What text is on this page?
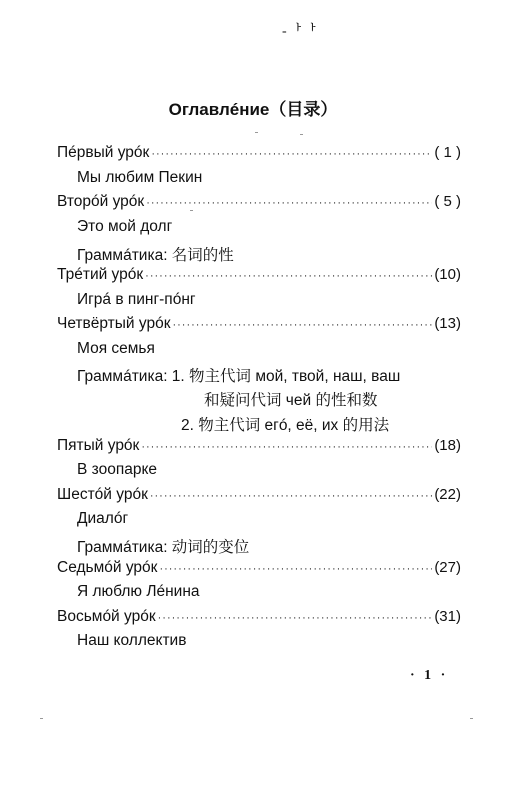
-ᅡᅡ
Оглавлéние（目录）
Пéрвый урóк ·····	( 1 )
Мы любим Пекин
Вторóй урóк ·····	( 5 )
Это мой долг
Граммáтика: 名词的性
Трéтий урóк ·····	(10)
Игрá в пинг-пóнг
Четвёртый урóк ·····	(13)
Моя семья
Граммáтика: 1. 物主代词 мой, твой, наш, ваш
和疑问代词 чей 的性和数
2. 物主代词 егó, её, их 的用法
Пятый урóк ·····	(18)
В зоопарке
Шестóй урóк ·····	(22)
Диалóг
Граммáтика: 动词的变位
Седьмóй урóк ·····	(27)
Я люблю Лéнина
Восьмóй урóк ·····	(31)
Наш коллектив
· 1 ·
